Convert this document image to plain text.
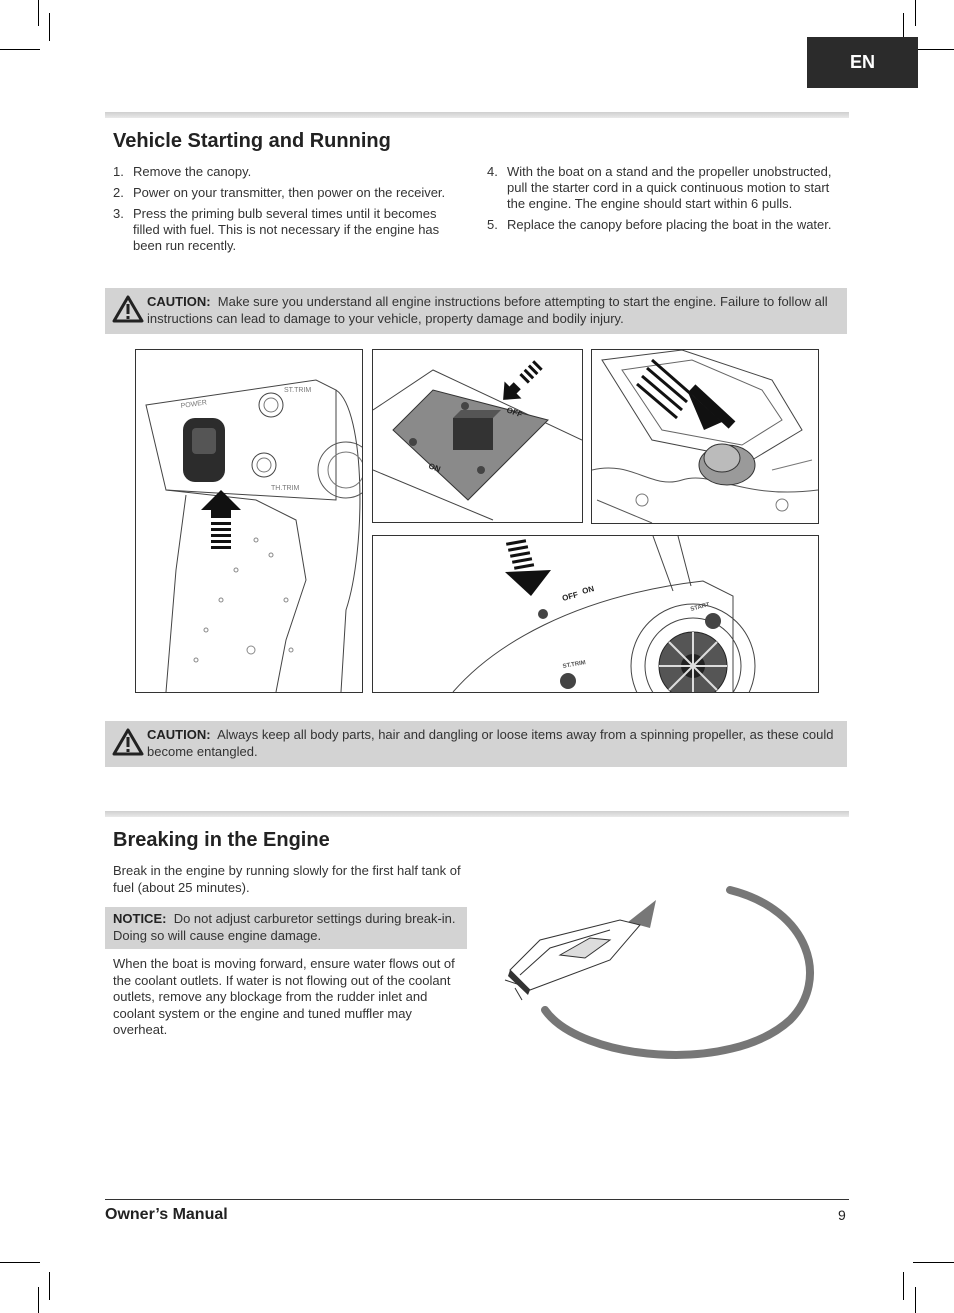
EN
Vehicle Starting and Running
1. Remove the canopy.
2. Power on your transmitter, then power on the receiver.
3. Press the priming bulb several times until it becomes filled with fuel. This is not necessary if the engine has been run recently.
4. With the boat on a stand and the propeller unobstructed, pull the starter cord in a quick continuous motion to start the engine. The engine should start within 6 pulls.
5. Replace the canopy before placing the boat in the water.
CAUTION: Make sure you understand all engine instructions before attempting to start the engine. Failure to follow all instructions can lead to damage to your vehicle, property damage and bodily injury.
POWER
ST.TRIM
TH.TRIM
OFF
ON
OFF
ON
START
ST.TRIM
CAUTION: Always keep all body parts, hair and dangling or loose items away from a spinning propeller, as these could become entangled.
Breaking in the Engine

Break in the engine by running slowly for the first half tank of fuel (about 25 minutes).

NOTICE: Do not adjust carburetor settings during break-in. Doing so will cause engine damage.

When the boat is moving forward, ensure water flows out of the coolant outlets. If water is not flowing out of the coolant outlets, remove any blockage from the rudder inlet and coolant system or the engine and tuned muffler may overheat.

Owner’s Manual	9
